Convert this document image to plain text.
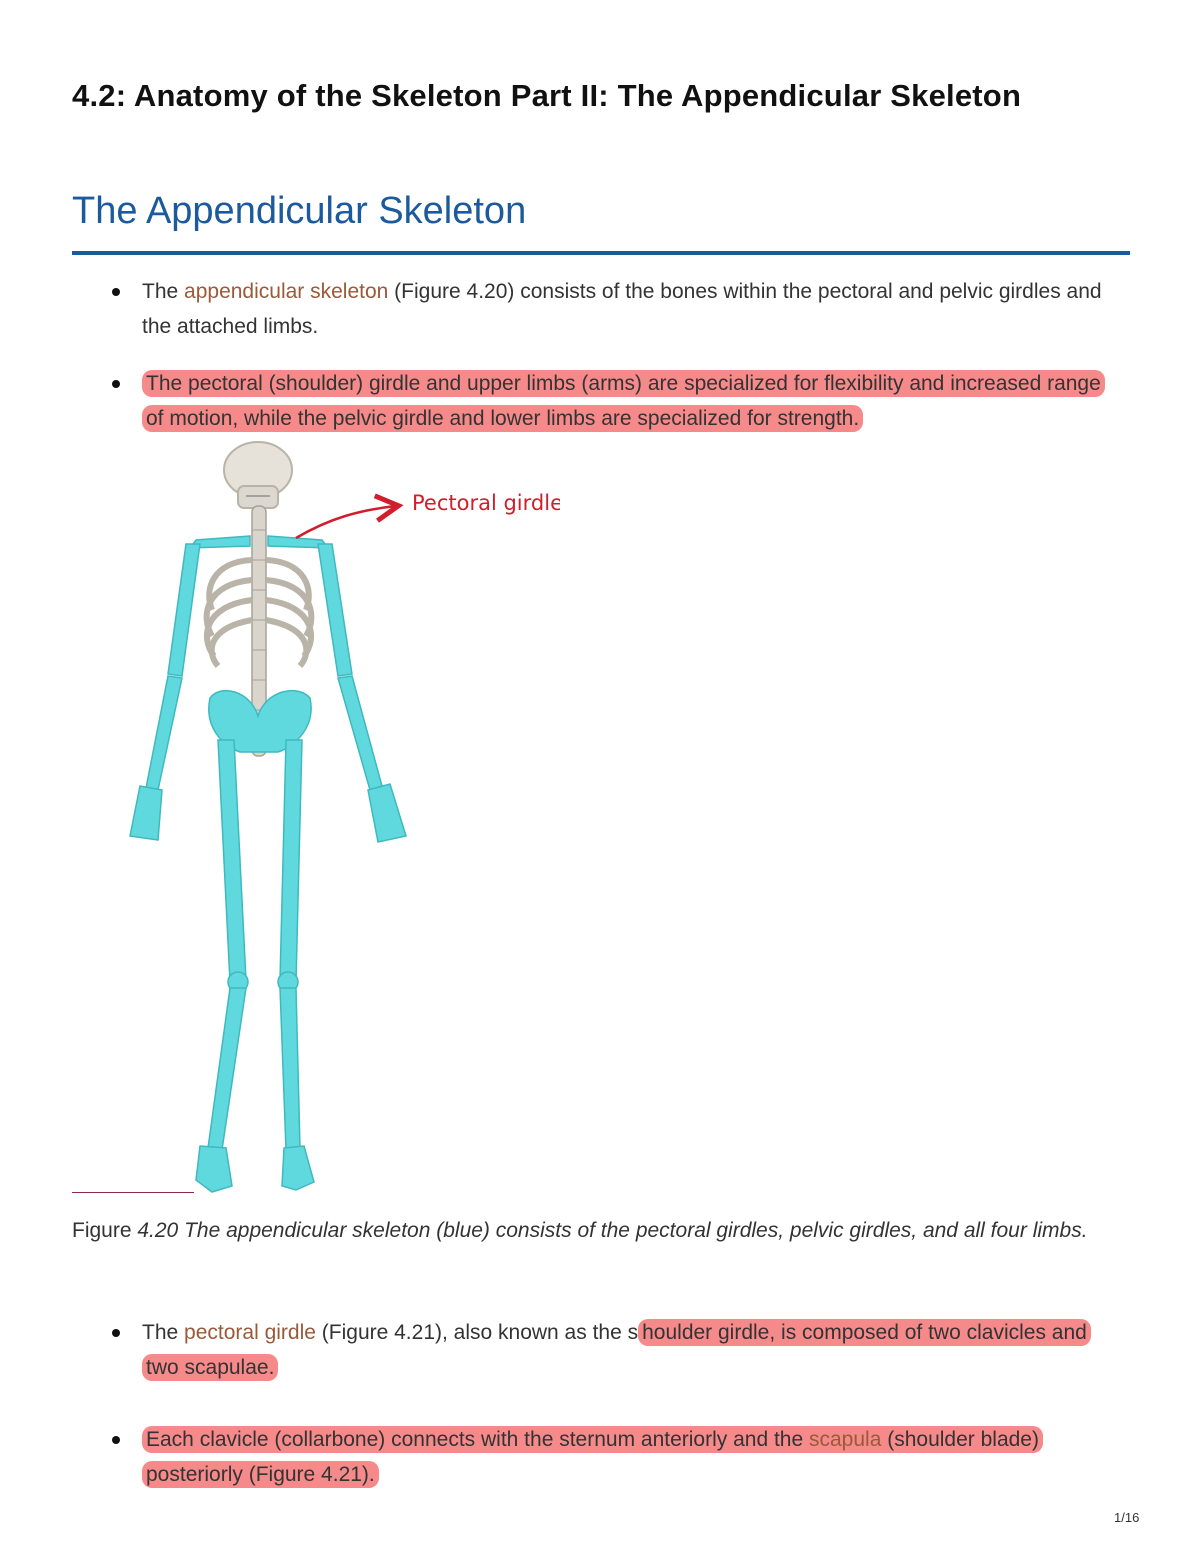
4.2: Anatomy of the Skeleton Part II: The Appendicular Skeleton
The Appendicular Skeleton
The appendicular skeleton (Figure 4.20) consists of the bones within the pectoral and pelvic girdles and the attached limbs.
The pectoral (shoulder) girdle and upper limbs (arms) are specialized for flexibility and increased range of motion, while the pelvic girdle and lower limbs are specialized for strength.
Pectoral girdle
Figure 4.20 The appendicular skeleton (blue) consists of the pectoral girdles, pelvic girdles, and all four limbs.
The pectoral girdle (Figure 4.21), also known as the s houlder girdle, is composed of two clavicles and two scapulae.
Each clavicle (collarbone) connects with the sternum anteriorly and the scapula (shoulder blade) posteriorly (Figure 4.21).
1/16
